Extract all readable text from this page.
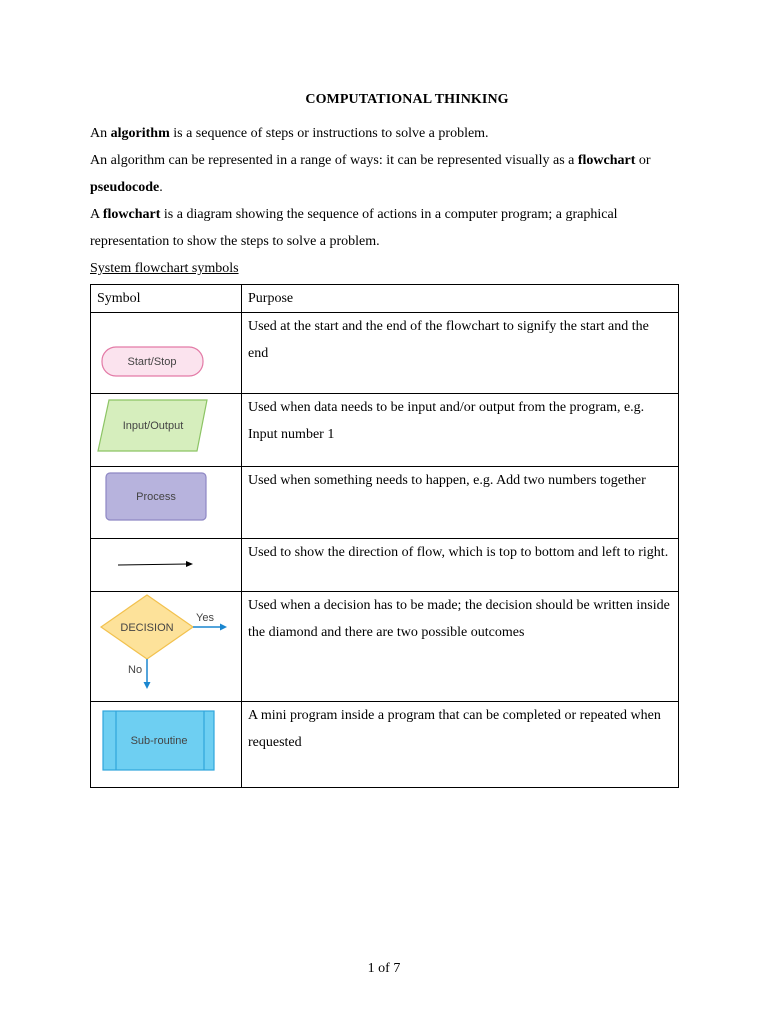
COMPUTATIONAL THINKING
An algorithm is a sequence of steps or instructions to solve a problem.
An algorithm can be represented in a range of ways: it can be represented visually as a flowchart or pseudocode.
A flowchart is a diagram showing the sequence of actions in a computer program; a graphical representation to show the steps to solve a problem.
System flowchart symbols
Symbol	Purpose

Start/Stop	Used at the start and the end of the flowchart to signify the start and the end

Input/Output	Used when data needs to be input and/or output from the program, e.g. Input number 1

Process	Used when something needs to happen, e.g. Add two numbers together

	Used to show the direction of flow, which is top to bottom and left to right.

DECISION
Yes
No	Used when a decision has to be made; the decision should be written inside the diamond and there are two possible outcomes

Sub-routine	A mini program inside a program that can be completed or repeated when requested
1 of 7
